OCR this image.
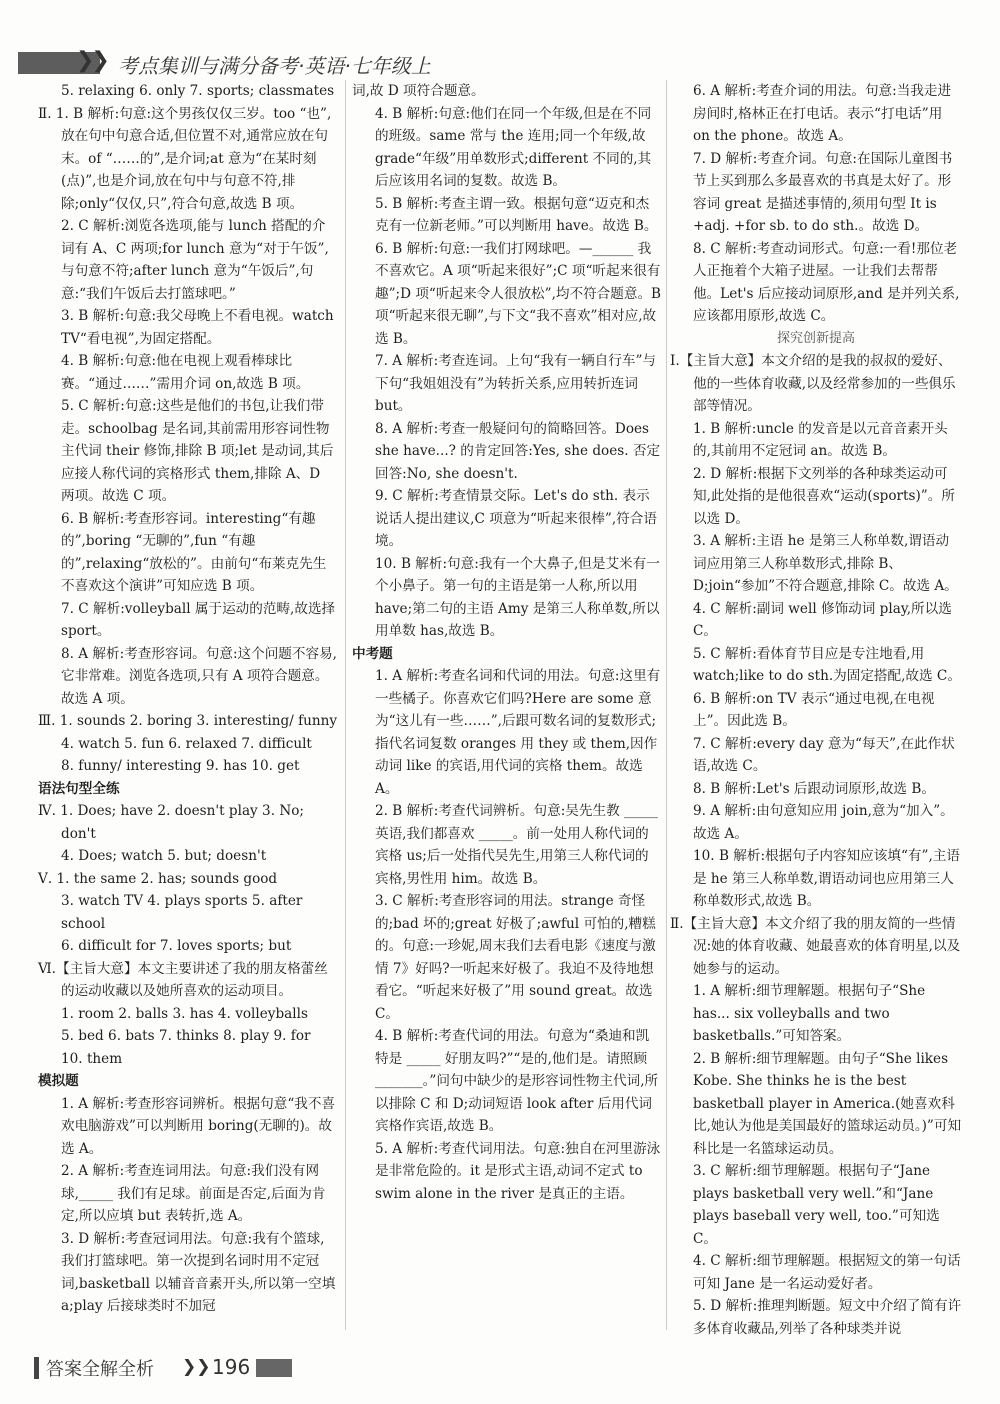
❯❯ 考点集训与满分备考·英语·七年级上

5. relaxing 6. only 7. sports; classmates

Ⅱ. 1. B 解析:句意:这个男孩仅仅三岁。too “也”,放在句中句意合适,但位置不对,通常应放在句末。of “……的”,是介词;at 意为“在某时刻(点)”,也是介词,放在句中与句意不符,排除;only“仅仅,只”,符合句意,故选 B 项。

2. C 解析:浏览各选项,能与 lunch 搭配的介词有 A、C 两项;for lunch 意为“对于午饭”,与句意不符;after lunch 意为“午饭后”,句意:“我们午饭后去打篮球吧。”

3. B 解析:句意:我父母晚上不看电视。watch TV“看电视”,为固定搭配。

4. B 解析:句意:他在电视上观看棒球比赛。“通过……”需用介词 on,故选 B 项。

5. C 解析:句意:这些是他们的书包,让我们带走。schoolbag 是名词,其前需用形容词性物主代词 their 修饰,排除 B 项;let 是动词,其后应接人称代词的宾格形式 them,排除 A、D 两项。故选 C 项。

6. B 解析:考查形容词。interesting“有趣的”,boring “无聊的”,fun “有趣的”,relaxing“放松的”。由前句“布莱克先生不喜欢这个演讲”可知应选 B 项。

7. C 解析:volleyball 属于运动的范畴,故选择 sport。

8. A 解析:考查形容词。句意:这个问题不容易,它非常难。浏览各选项,只有 A 项符合题意。故选 A 项。

Ⅲ. 1. sounds 2. boring 3. interesting/ funny

4. watch 5. fun 6. relaxed 7. difficult

8. funny/ interesting 9. has 10. get

语法句型全练

Ⅳ. 1. Does; have 2. doesn't play 3. No; don't

4. Does; watch 5. but; doesn't

Ⅴ. 1. the same 2. has; sounds good

3. watch TV 4. plays sports 5. after school

6. difficult for 7. loves sports; but

Ⅵ.【主旨大意】本文主要讲述了我的朋友格蕾丝的运动收藏以及她所喜欢的运动项目。

1. room 2. balls 3. has 4. volleyballs

5. bed 6. bats 7. thinks 8. play 9. for

10. them

模拟题

1. A 解析:考查形容词辨析。根据句意“我不喜欢电脑游戏”可以判断用 boring(无聊的)。故选 A。

2. A 解析:考查连词用法。句意:我们没有网球,_____ 我们有足球。前面是否定,后面为肯定,所以应填 but 表转折,选 A。

3. D 解析:考查冠词用法。句意:我有个篮球,我们打篮球吧。第一次提到名词时用不定冠词,basketball 以辅音音素开头,所以第一空填 a;play 后接球类时不加冠

词,故 D 项符合题意。

4. B 解析:句意:他们在同一个年级,但是在不同的班级。same 常与 the 连用;同一个年级,故 grade“年级”用单数形式;different 不同的,其后应该用名词的复数。故选 B。

5. B 解析:考查主谓一致。根据句意“迈克和杰克有一位新老师。”可以判断用 have。故选 B。

6. B 解析:句意:一我们打网球吧。—______ 我不喜欢它。A 项“听起来很好”;C 项“听起来很有趣”;D 项“听起来令人很放松”,均不符合题意。B 项“听起来很无聊”,与下文“我不喜欢”相对应,故选 B。

7. A 解析:考查连词。上句“我有一辆自行车”与下句“我姐姐没有”为转折关系,应用转折连词 but。

8. A 解析:考查一般疑问句的简略回答。Does she have...? 的肯定回答:Yes, she does. 否定回答:No, she doesn't.

9. C 解析:考查情景交际。Let's do sth. 表示说话人提出建议,C 项意为“听起来很棒”,符合语境。

10. B 解析:句意:我有一个大鼻子,但是艾米有一个小鼻子。第一句的主语是第一人称,所以用 have;第二句的主语 Amy 是第三人称单数,所以用单数 has,故选 B。

中考题

1. A 解析:考查名词和代词的用法。句意:这里有一些橘子。你喜欢它们吗?Here are some 意为“这儿有一些……”,后跟可数名词的复数形式;指代名词复数 oranges 用 they 或 them,因作动词 like 的宾语,用代词的宾格 them。故选 A。

2. B 解析:考查代词辨析。句意:吴先生教 _____ 英语,我们都喜欢 _____。前一处用人称代词的宾格 us;后一处指代吴先生,用第三人称代词的宾格,男性用 him。故选 B。

3. C 解析:考查形容词的用法。strange 奇怪的;bad 坏的;great 好极了;awful 可怕的,糟糕的。句意:一珍妮,周末我们去看电影《速度与激情 7》好吗?一听起来好极了。我迫不及待地想看它。“听起来好极了”用 sound great。故选 C。

4. B 解析:考查代词的用法。句意为“桑迪和凯特是 _____ 好朋友吗?”“是的,他们是。请照顾 _______。”问句中缺少的是形容词性物主代词,所以排除 C 和 D;动词短语 look after 后用代词宾格作宾语,故选 B。

5. A 解析:考查代词用法。句意:独自在河里游泳是非常危险的。it 是形式主语,动词不定式 to swim alone in the river 是真正的主语。

6. A 解析:考查介词的用法。句意:当我走进房间时,格林正在打电话。表示“打电话”用 on the phone。故选 A。

7. D 解析:考查介词。句意:在国际儿童图书节上买到那么多最喜欢的书真是太好了。形容词 great 是描述事情的,须用句型 It is +adj. +for sb. to do sth.。故选 D。

8. C 解析:考查动词形式。句意:一看!那位老人正拖着个大箱子进屋。一让我们去帮帮他。Let's 后应接动词原形,and 是并列关系,应该都用原形,故选 C。

探究创新提高

Ⅰ.【主旨大意】本文介绍的是我的叔叔的爱好、他的一些体育收藏,以及经常参加的一些俱乐部等情况。

1. B 解析:uncle 的发音是以元音音素开头的,其前用不定冠词 an。故选 B。

2. D 解析:根据下文列举的各种球类运动可知,此处指的是他很喜欢“运动(sports)”。所以选 D。

3. A 解析:主语 he 是第三人称单数,谓语动词应用第三人称单数形式,排除 B、D;join“参加”不符合题意,排除 C。故选 A。

4. C 解析:副词 well 修饰动词 play,所以选 C。

5. C 解析:看体育节目应是专注地看,用 watch;like to do sth.为固定搭配,故选 C。

6. B 解析:on TV 表示“通过电视,在电视上”。因此选 B。

7. C 解析:every day 意为“每天”,在此作状语,故选 C。

8. B 解析:Let's 后跟动词原形,故选 B。

9. A 解析:由句意知应用 join,意为“加入”。故选 A。

10. B 解析:根据句子内容知应该填“有”,主语是 he 第三人称单数,谓语动词也应用第三人称单数形式,故选 B。

Ⅱ.【主旨大意】本文介绍了我的朋友简的一些情况:她的体育收藏、她最喜欢的体育明星,以及她参与的运动。

1. A 解析:细节理解题。根据句子“She has... six volleyballs and two basketballs.”可知答案。

2. B 解析:细节理解题。由句子“She likes Kobe. She thinks he is the best basketball player in America.(她喜欢科比,她认为他是美国最好的篮球运动员。)”可知科比是一名篮球运动员。

3. C 解析:细节理解题。根据句子“Jane plays basketball very well.”和“Jane plays baseball very well, too.”可知选 C。

4. C 解析:细节理解题。根据短文的第一句话可知 Jane 是一名运动爱好者。

5. D 解析:推理判断题。短文中介绍了简有许多体育收藏品,列举了各种球类并说

答案全解全析 ❯❯ 196
